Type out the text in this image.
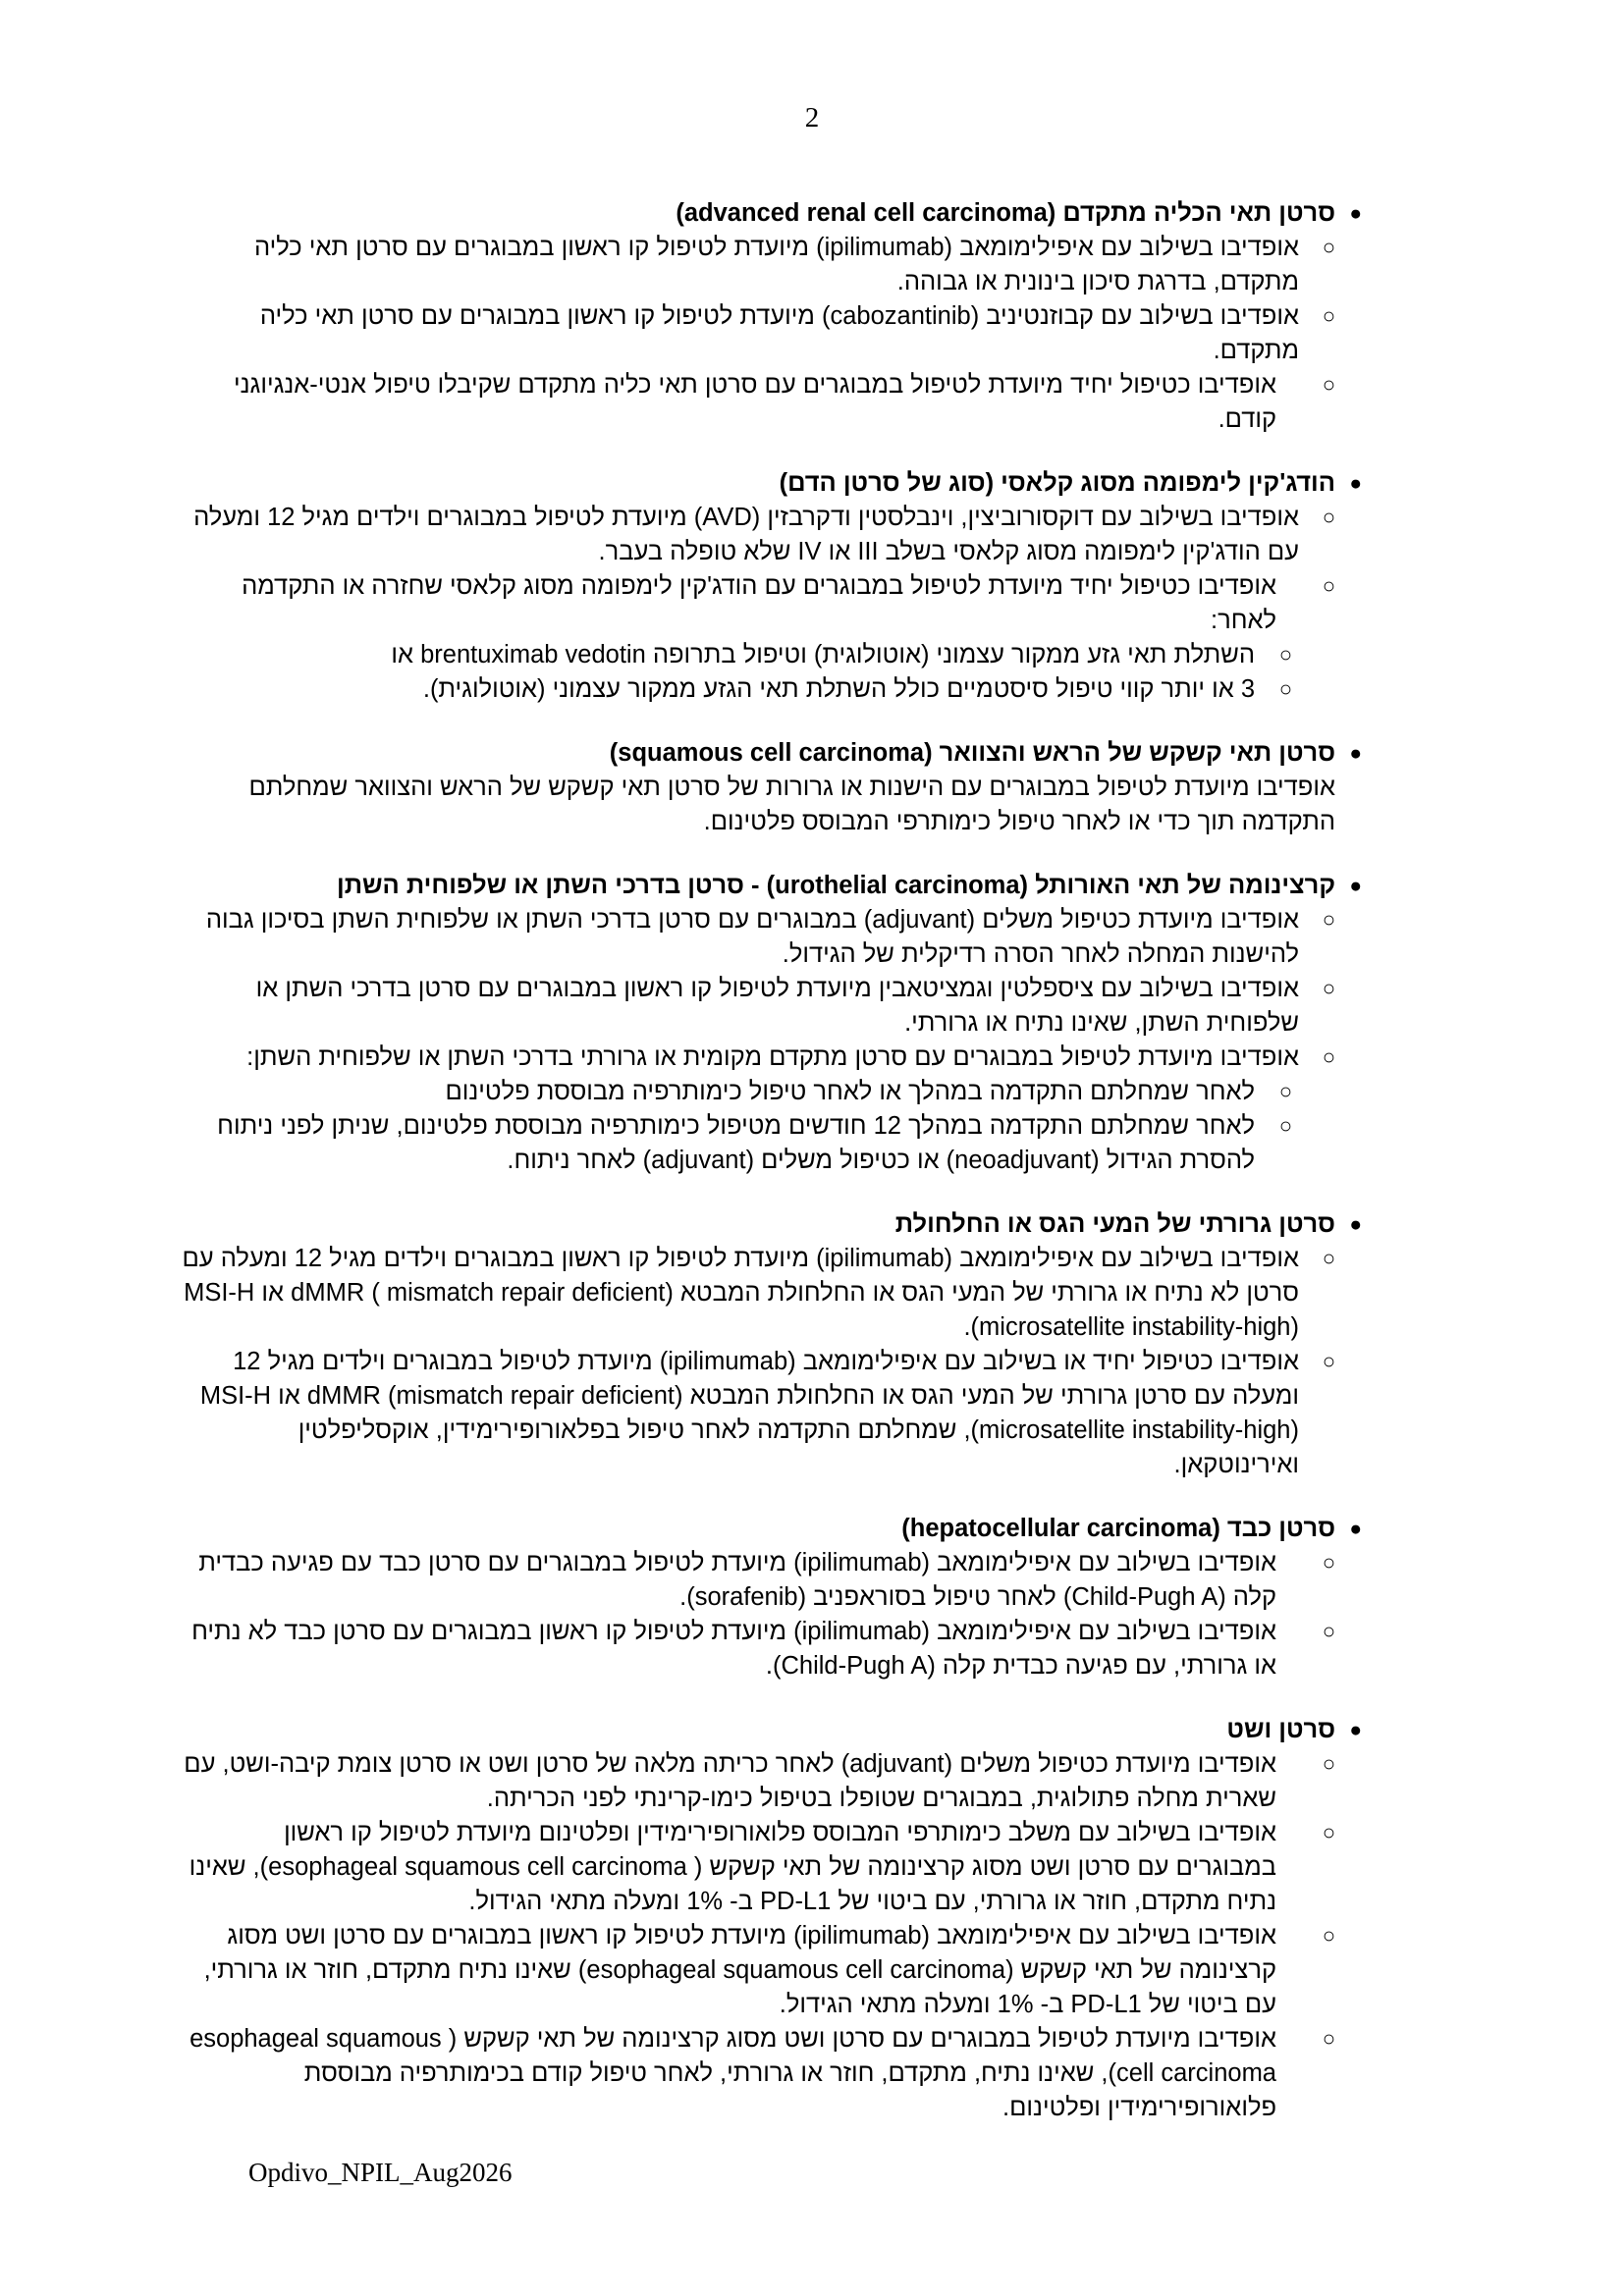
2
●
סרטן תאי הכליה מתקדם (advanced renal cell carcinoma)
○
אופדיבו בשילוב עם איפילימומאב (ipilimumab) מיועדת לטיפול קו ראשון במבוגרים עם סרטן תאי כליה מתקדם, בדרגת סיכון בינונית או גבוהה.
○
אופדיבו בשילוב עם קבוזנטיניב (cabozantinib) מיועדת לטיפול קו ראשון במבוגרים עם סרטן תאי כליה מתקדם.
○
אופדיבו כטיפול יחיד מיועדת לטיפול במבוגרים עם סרטן תאי כליה מתקדם שקיבלו טיפול אנטי-אנגיוגני קודם.
●
הודג'קין לימפומה מסוג קלאסי (סוג של סרטן הדם)
○
אופדיבו בשילוב עם דוקסורוביצין, וינבלסטין ודקרבזין (AVD) מיועדת לטיפול במבוגרים וילדים מגיל 12 ומעלה עם הודג'קין לימפומה מסוג קלאסי בשלב III או IV שלא טופלה בעבר.
○
אופדיבו כטיפול יחיד מיועדת לטיפול במבוגרים עם הודג'קין לימפומה מסוג קלאסי שחזרה או התקדמה לאחר:
○
השתלת תאי גזע ממקור עצמוני (אוטולוגית) וטיפול בתרופה brentuximab vedotin או
○
3 או יותר קווי טיפול סיסטמיים כולל השתלת תאי הגזע ממקור עצמוני (אוטולוגית).
●
סרטן תאי קשקש של הראש והצוואר (squamous cell carcinoma)
אופדיבו מיועדת לטיפול במבוגרים עם הישנות או גרורות של סרטן תאי קשקש של הראש והצוואר שמחלתם התקדמה תוך כדי או לאחר טיפול כימותרפי המבוסס פלטינום.
●
קרצינומה של תאי האורותל (urothelial carcinoma) - סרטן בדרכי השתן או שלפוחית השתן
○
אופדיבו מיועדת כטיפול משלים (adjuvant) במבוגרים עם סרטן בדרכי השתן או שלפוחית השתן בסיכון גבוה להישנות המחלה לאחר הסרה רדיקלית של הגידול.
○
אופדיבו בשילוב עם ציספלטין וגמציטאבין מיועדת לטיפול קו ראשון במבוגרים עם סרטן בדרכי השתן או שלפוחית השתן, שאינו נתיח או גרורתי.
○
אופדיבו מיועדת לטיפול במבוגרים עם סרטן מתקדם מקומית או גרורתי בדרכי השתן או שלפוחית השתן:
○
לאחר שמחלתם התקדמה במהלך או לאחר טיפול כימותרפיה מבוססת פלטינום
○
לאחר שמחלתם התקדמה במהלך 12 חודשים מטיפול כימותרפיה מבוססת פלטינום, שניתן לפני ניתוח להסרת הגידול (neoadjuvant) או כטיפול משלים (adjuvant) לאחר ניתוח.
●
סרטן גרורתי של המעי הגס או החלחולת
○
אופדיבו בשילוב עם איפילימומאב (ipilimumab) מיועדת לטיפול קו ראשון במבוגרים וילדים מגיל 12 ומעלה עם סרטן לא נתיח או גרורתי של המעי הגס או החלחולת המבטא dMMR ( mismatch repair deficient) או MSI-H (microsatellite instability-high).
○
אופדיבו כטיפול יחיד או בשילוב עם איפילימומאב (ipilimumab) מיועדת לטיפול במבוגרים וילדים מגיל 12 ומעלה עם סרטן גרורתי של המעי הגס או החלחולת המבטא dMMR (mismatch repair deficient) או MSI-H (microsatellite instability-high), שמחלתם התקדמה לאחר טיפול בפלאורופירימידין, אוקסליפלטין ואירינוטקאן.
●
סרטן כבד (hepatocellular carcinoma)
○
אופדיבו בשילוב עם איפילימומאב (ipilimumab) מיועדת לטיפול במבוגרים עם סרטן כבד עם פגיעה כבדית קלה (Child-Pugh A) לאחר טיפול בסוראפניב (sorafenib).
○
אופדיבו בשילוב עם איפילימומאב (ipilimumab) מיועדת לטיפול קו ראשון במבוגרים עם סרטן כבד לא נתיח או גרורתי, עם פגיעה כבדית קלה (Child-Pugh A).
●
סרטן ושט
○
אופדיבו מיועדת כטיפול משלים (adjuvant) לאחר כריתה מלאה של סרטן ושט או סרטן צומת קיבה-ושט, עם שארית מחלה פתולוגית, במבוגרים שטופלו בטיפול כימו-קרינתי לפני הכריתה.
○
אופדיבו בשילוב עם משלב כימותרפי המבוסס פלואורופירימידין ופלטינום מיועדת לטיפול קו ראשון במבוגרים עם סרטן ושט מסוג קרצינומה של תאי קשקש ( esophageal squamous cell carcinoma), שאינו נתיח מתקדם, חוזר או גרורתי, עם ביטוי של PD-L1 ב- 1% ומעלה מתאי הגידול.
○
אופדיבו בשילוב עם איפילימומאב (ipilimumab) מיועדת לטיפול קו ראשון במבוגרים עם סרטן ושט מסוג קרצינומה של תאי קשקש (esophageal squamous cell carcinoma) שאינו נתיח מתקדם, חוזר או גרורתי, עם ביטוי של PD-L1 ב- 1% ומעלה מתאי הגידול.
○
אופדיבו מיועדת לטיפול במבוגרים עם סרטן ושט מסוג קרצינומה של תאי קשקש ( esophageal squamous cell carcinoma), שאינו נתיח, מתקדם, חוזר או גרורתי, לאחר טיפול קודם בכימותרפיה מבוססת פלואורופירימידין ופלטינום.
Opdivo_NPIL_Aug2026
